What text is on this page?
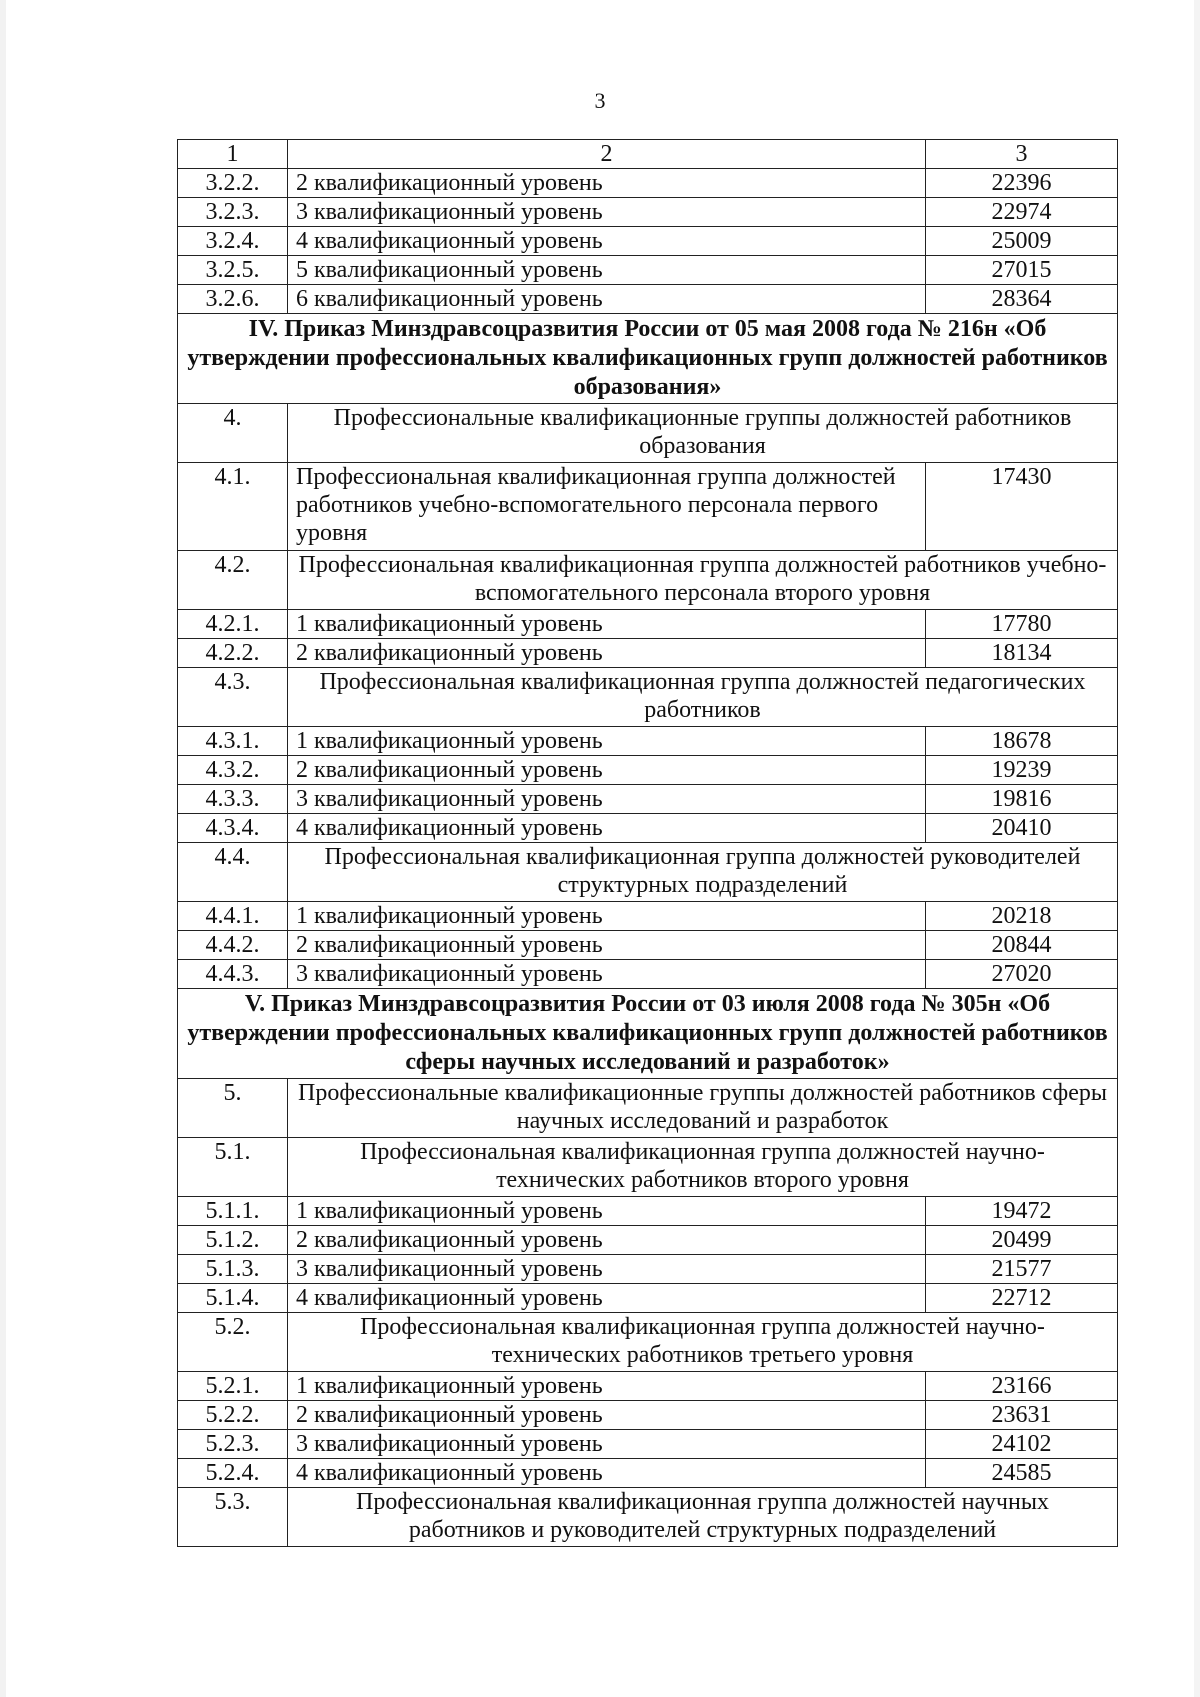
3
1	2	3
3.2.2.	2 квалификационный уровень	22396
3.2.3.	3 квалификационный уровень	22974
3.2.4.	4 квалификационный уровень	25009
3.2.5.	5 квалификационный уровень	27015
3.2.6.	6 квалификационный уровень	28364
IV. Приказ Минздравсоцразвития России от 05 мая 2008 года № 216н «Об утверждении профессиональных квалификационных групп должностей работников образования»		
4.	Профессиональные квалификационные группы должностей работников образования	
4.1.	Профессиональная квалификационная группа должностей работников учебно-вспомогательного персонала первого уровня	17430
4.2.	Профессиональная квалификационная группа должностей работников учебно-вспомогательного персонала второго уровня	
4.2.1.	1 квалификационный уровень	17780
4.2.2.	2 квалификационный уровень	18134
4.3.	Профессиональная квалификационная группа должностей педагогических работников	
4.3.1.	1 квалификационный уровень	18678
4.3.2.	2 квалификационный уровень	19239
4.3.3.	3 квалификационный уровень	19816
4.3.4.	4 квалификационный уровень	20410
4.4.	Профессиональная квалификационная группа должностей руководителей структурных подразделений	
4.4.1.	1 квалификационный уровень	20218
4.4.2.	2 квалификационный уровень	20844
4.4.3.	3 квалификационный уровень	27020
V. Приказ Минздравсоцразвития России от 03 июля 2008 года № 305н «Об утверждении профессиональных квалификационных групп должностей работников сферы научных исследований и разработок»		
5.	Профессиональные квалификационные группы должностей работников сферы научных исследований и разработок	
5.1.	Профессиональная квалификационная группа должностей научно-технических работников второго уровня	
5.1.1.	1 квалификационный уровень	19472
5.1.2.	2 квалификационный уровень	20499
5.1.3.	3 квалификационный уровень	21577
5.1.4.	4 квалификационный уровень	22712
5.2.	Профессиональная квалификационная группа должностей научно-технических работников третьего уровня	
5.2.1.	1 квалификационный уровень	23166
5.2.2.	2 квалификационный уровень	23631
5.2.3.	3 квалификационный уровень	24102
5.2.4.	4 квалификационный уровень	24585
5.3.	Профессиональная квалификационная группа должностей научных работников и руководителей структурных подразделений	
